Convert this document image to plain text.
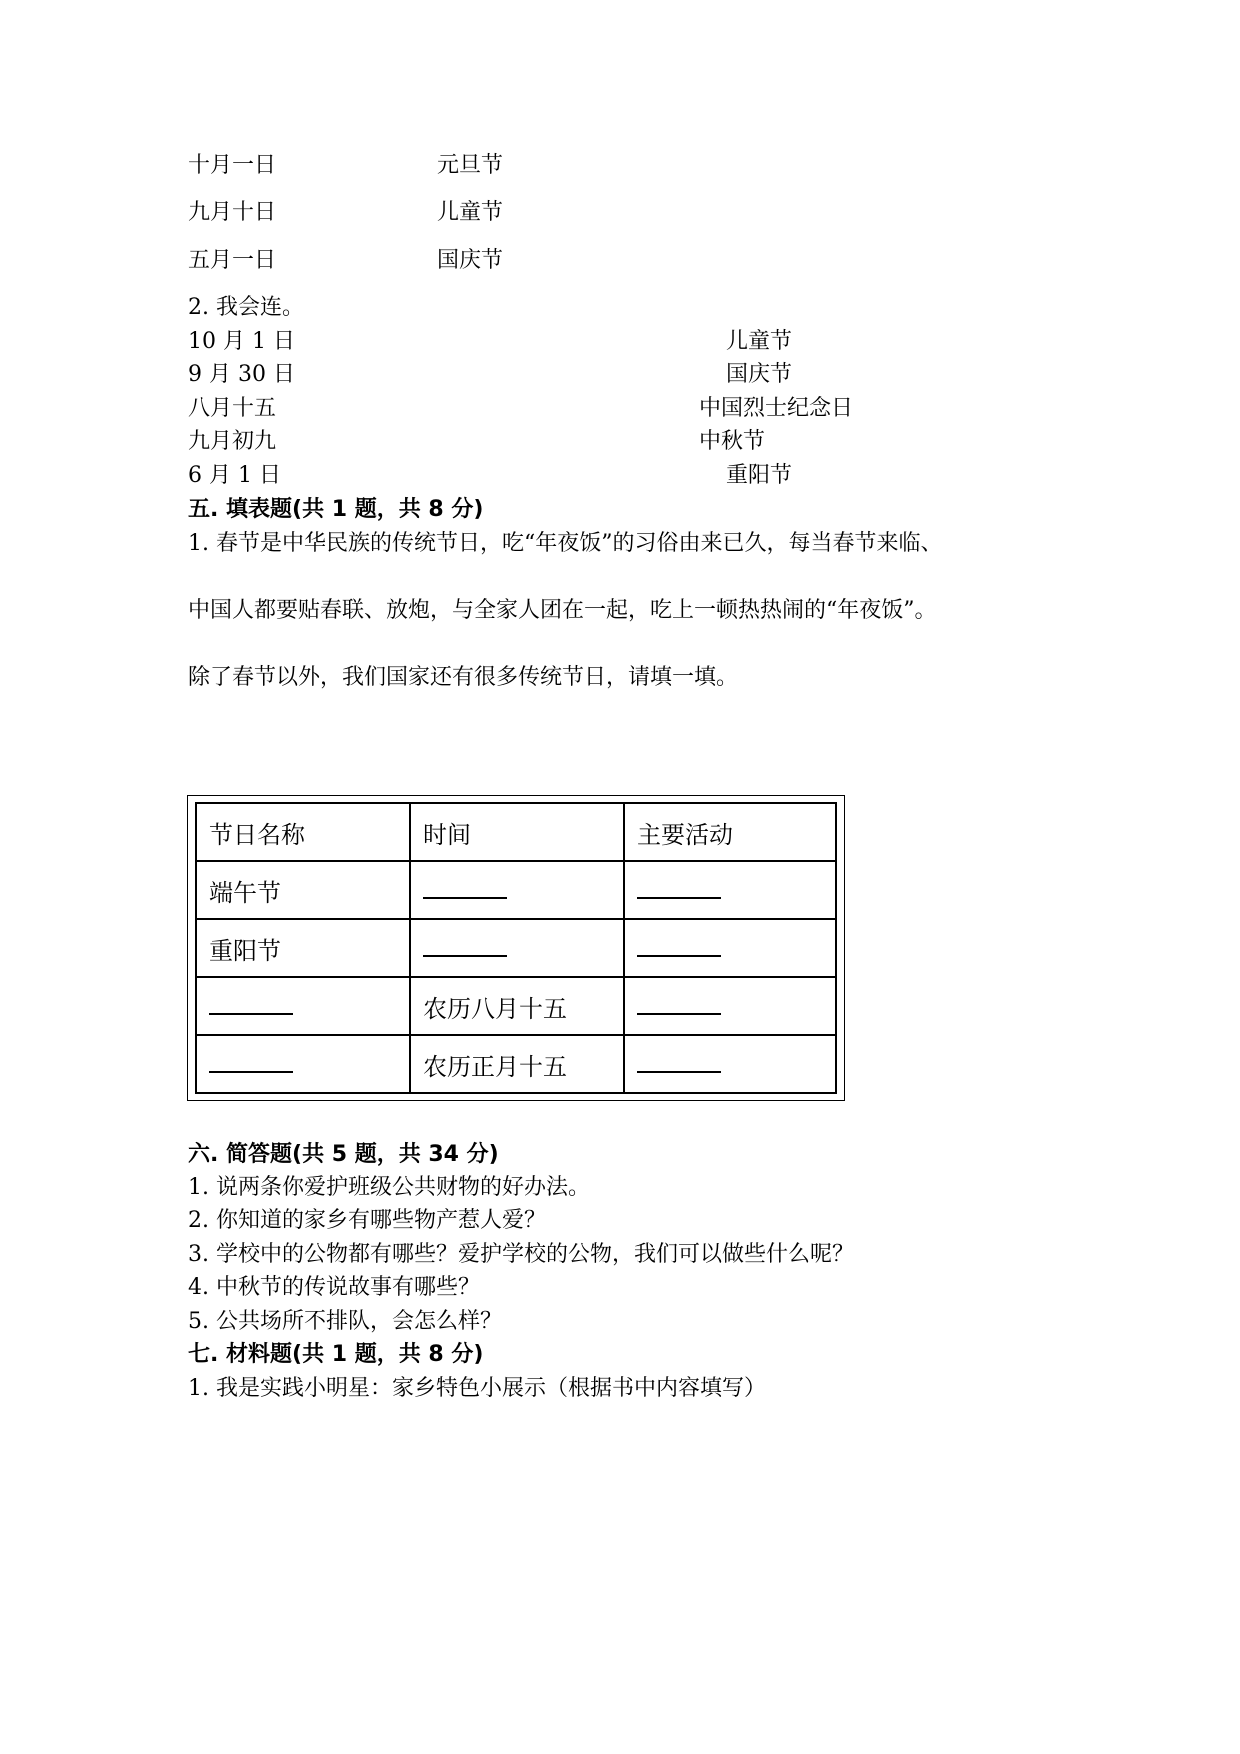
十月一日	元旦节
九月十日	儿童节
五月一日	国庆节
2. 我会连。
10 月 1 日	儿童节
9 月 30 日	国庆节
八月十五	中国烈士纪念日
九月初九	中秋节
6 月 1 日	重阳节
五. 填表题(共 1 题，共 8 分)
1. 春节是中华民族的传统节日，吃“年夜饭”的习俗由来已久，每当春节来临、
中国人都要贴春联、放炮，与全家人团在一起，吃上一顿热热闹的“年夜饭”。
除了春节以外，我们国家还有很多传统节日，请填一填。
节日名称	时间	主要活动
端午节		
重阳节		
	农历八月十五	
	农历正月十五	
六. 简答题(共 5 题，共 34 分)
1. 说两条你爱护班级公共财物的好办法。
2. 你知道的家乡有哪些物产惹人爱？
3. 学校中的公物都有哪些？爱护学校的公物，我们可以做些什么呢？
4. 中秋节的传说故事有哪些？
5. 公共场所不排队，会怎么样？
七. 材料题(共 1 题，共 8 分)
1. 我是实践小明星：家乡特色小展示（根据书中内容填写）
